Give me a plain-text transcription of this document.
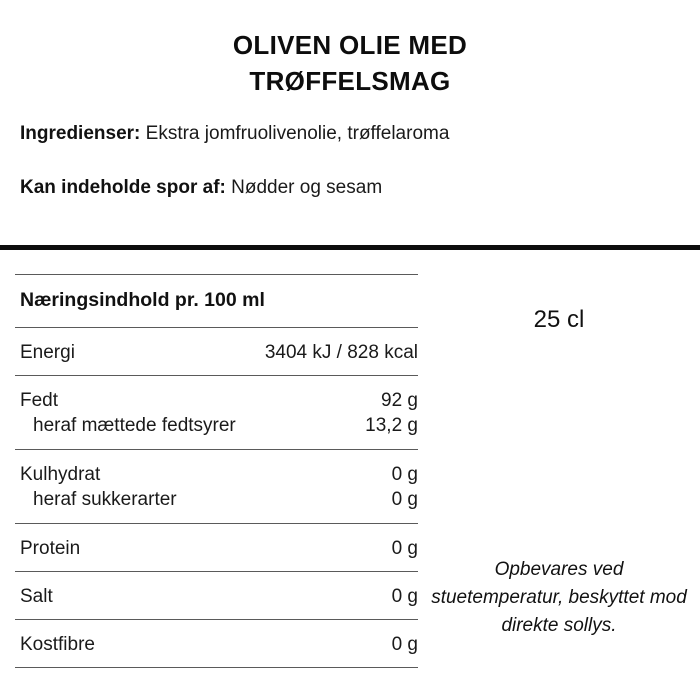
OLIVEN OLIE MED
TRØFFELSMAG

Ingredienser: Ekstra jomfruolivenolie, trøffelaroma

Kan indeholde spor af: Nødder og sesam

Næringsindhold pr. 100 ml
Energi	3404 kJ / 828 kcal
Fedt	92 g
heraf mættede fedtsyrer	13,2 g
Kulhydrat	0 g
heraf sukkerarter	0 g
Protein	0 g
Salt	0 g
Kostfibre	0 g
25 cl
Opbevares ved stuetemperatur, beskyttet mod direkte sollys.
